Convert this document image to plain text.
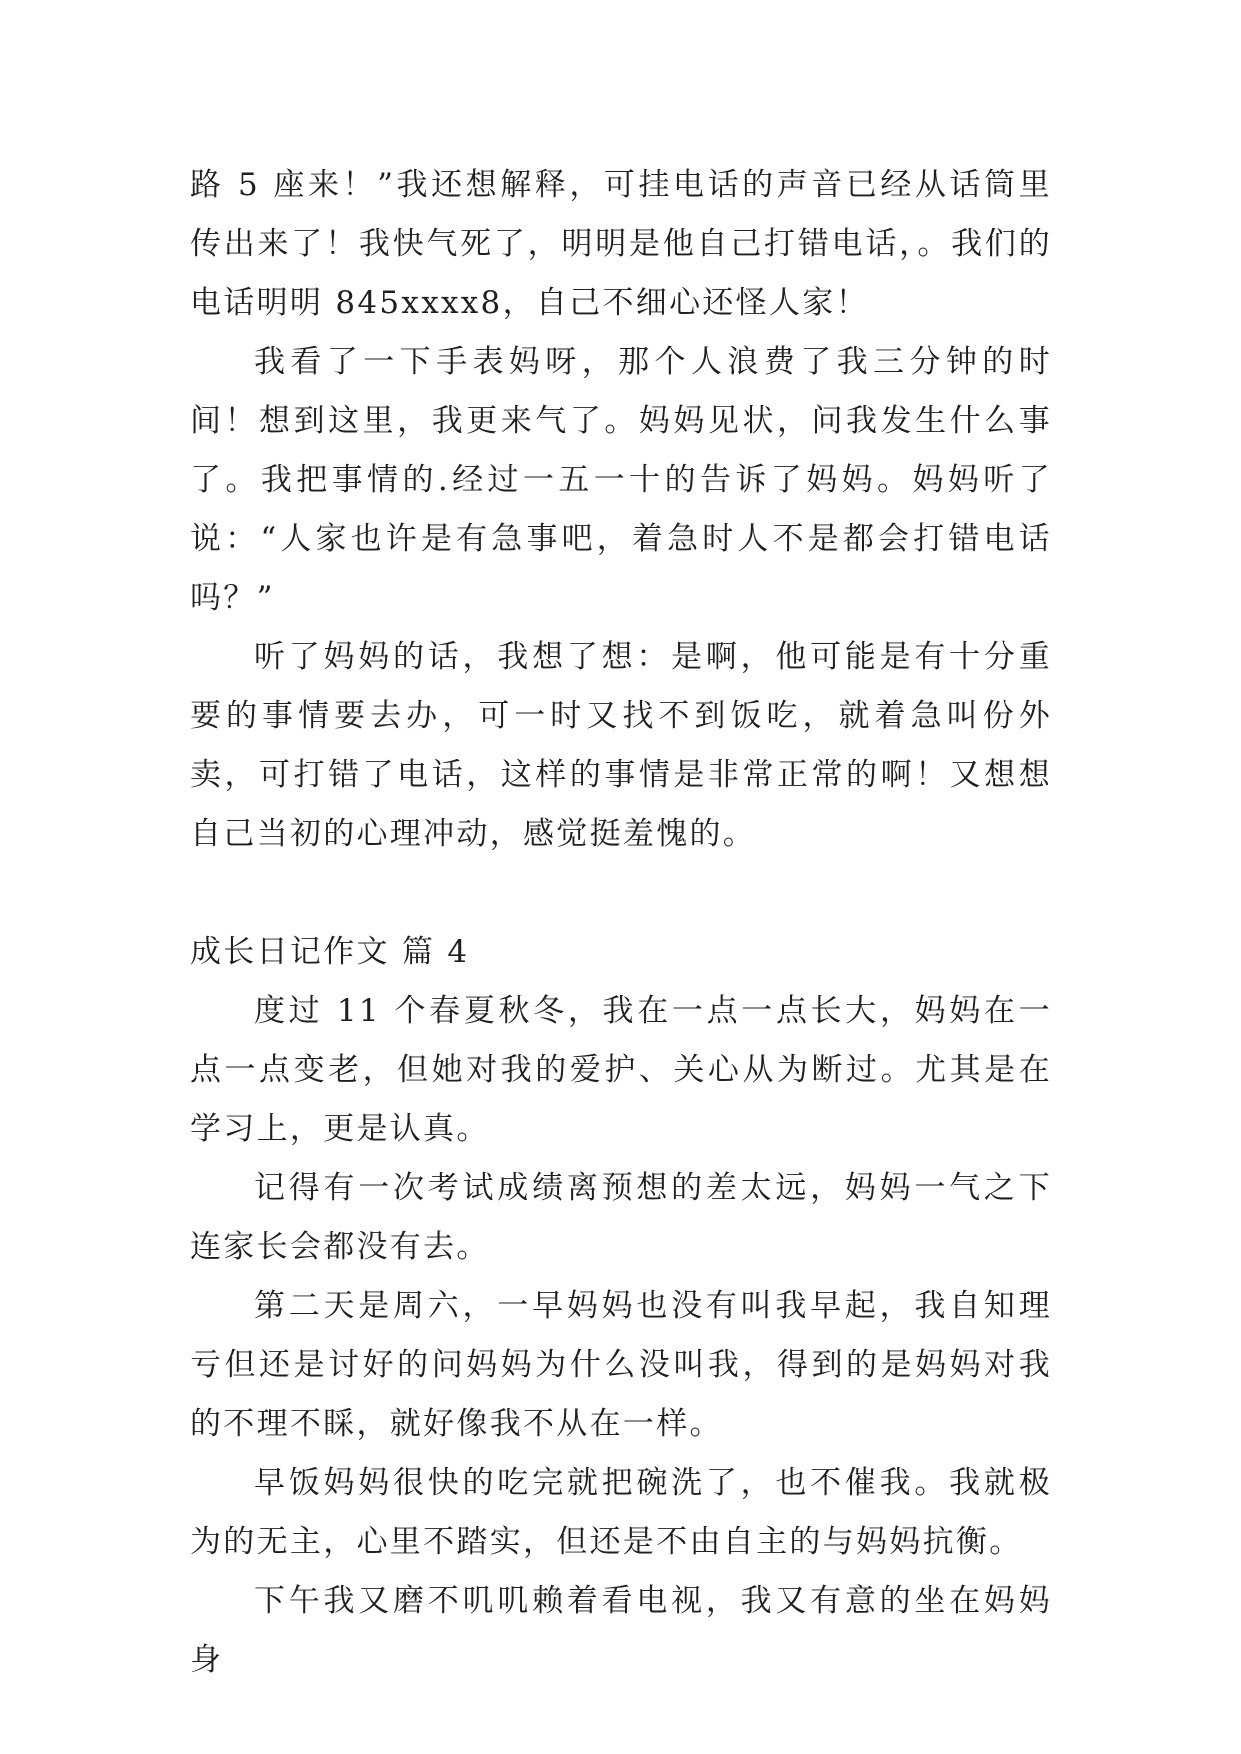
路 5 座来！”我还想解释，可挂电话的声音已经从话筒里传出来了！我快气死了，明明是他自己打错电话，。我们的电话明明 845xxxx8，自己不细心还怪人家！

我看了一下手表妈呀，那个人浪费了我三分钟的时间！想到这里，我更来气了。妈妈见状，问我发生什么事了。我把事情的.经过一五一十的告诉了妈妈。妈妈听了说：“人家也许是有急事吧，着急时人不是都会打错电话吗？”

听了妈妈的话，我想了想：是啊，他可能是有十分重要的事情要去办，可一时又找不到饭吃，就着急叫份外卖，可打错了电话，这样的事情是非常正常的啊！又想想自己当初的心理冲动，感觉挺羞愧的。

成长日记作文 篇 4

度过 11 个春夏秋冬，我在一点一点长大，妈妈在一点一点变老，但她对我的爱护、关心从为断过。尤其是在学习上，更是认真。

记得有一次考试成绩离预想的差太远，妈妈一气之下连家长会都没有去。

第二天是周六，一早妈妈也没有叫我早起，我自知理亏但还是讨好的问妈妈为什么没叫我，得到的是妈妈对我的不理不睬，就好像我不从在一样。

早饭妈妈很快的吃完就把碗洗了，也不催我。我就极为的无主，心里不踏实，但还是不由自主的与妈妈抗衡。

下午我又磨不叽叽赖着看电视，我又有意的坐在妈妈身
